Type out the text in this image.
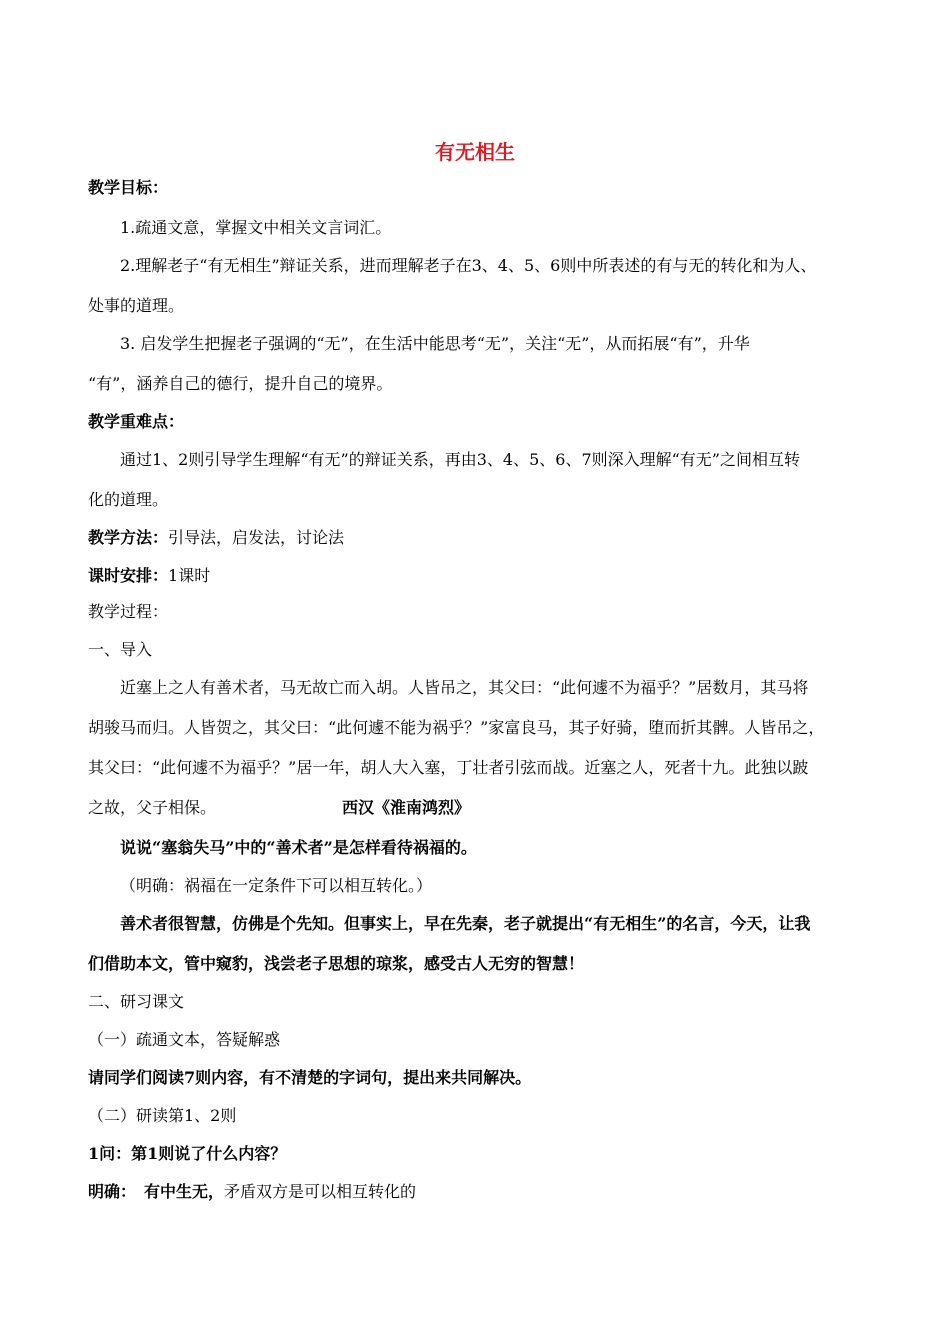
有无相生
教学目标：
1.疏通文意，掌握文中相关文言词汇。
2.理解老子“有无相生”辩证关系，进而理解老子在3、4、5、6则中所表述的有与无的转化和为人、
处事的道理。
3. 启发学生把握老子强调的“无”，在生活中能思考“无”，关注“无”，从而拓展“有”，升华
“有”，涵养自己的德行，提升自己的境界。
教学重难点：
通过1、2则引导学生理解“有无”的辩证关系，再由3、4、5、6、7则深入理解“有无”之间相互转
化的道理。
教学方法：引导法，启发法，讨论法
课时安排：1课时
教学过程：
一、导入
近塞上之人有善术者，马无故亡而入胡。人皆吊之，其父曰：“此何遽不为福乎？”居数月，其马将
胡骏马而归。人皆贺之，其父曰：“此何遽不能为祸乎？”家富良马，其子好骑，堕而折其髀。人皆吊之，
其父曰：“此何遽不为福乎？”居一年，胡人大入塞，丁壮者引弦而战。近塞之人，死者十九。此独以跛
之故，父子相保。	西汉《淮南鸿烈》
说说“塞翁失马”中的“善术者”是怎样看待祸福的。
（明确：祸福在一定条件下可以相互转化。）
善术者很智慧，仿佛是个先知。但事实上，早在先秦，老子就提出“有无相生”的名言，今天，让我
们借助本文，管中窥豹，浅尝老子思想的琼浆，感受古人无穷的智慧！
二、研习课文
（一）疏通文本，答疑解惑
请同学们阅读7则内容，有不清楚的字词句，提出来共同解决。
（二）研读第1、2则
1问：第1则说了什么内容？
明确： 有中生无，矛盾双方是可以相互转化的
